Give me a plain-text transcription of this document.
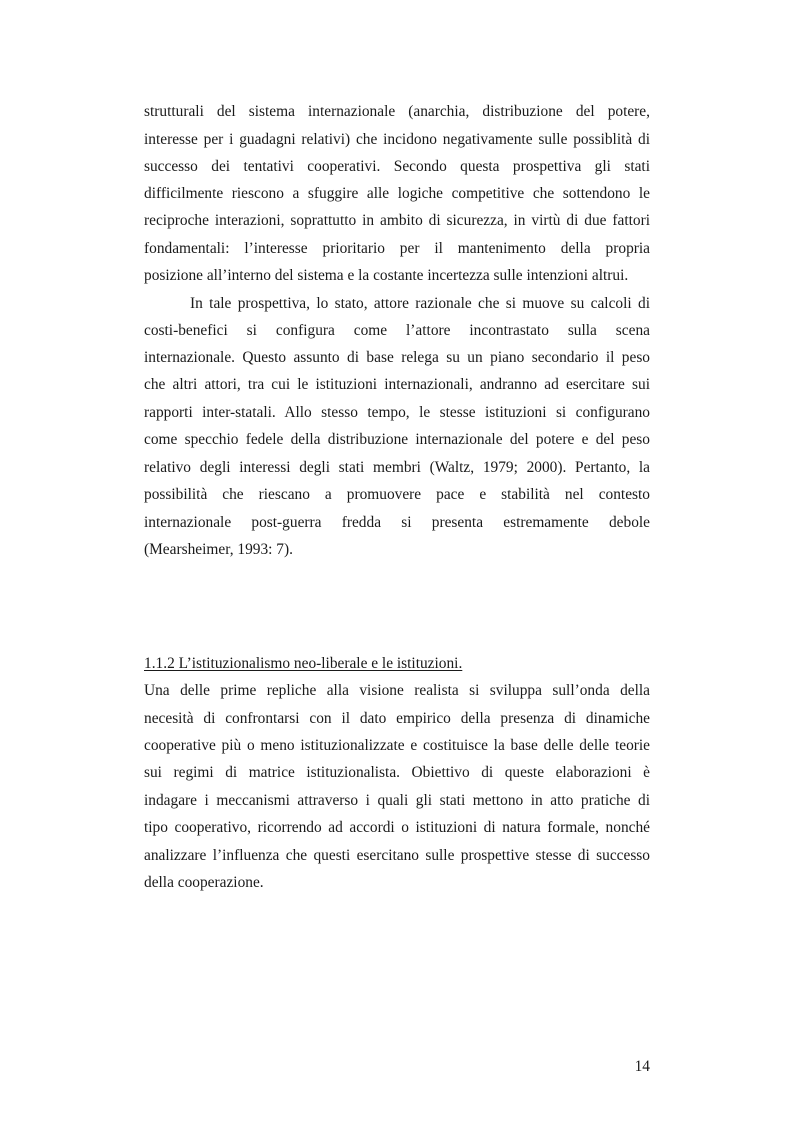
strutturali del sistema internazionale (anarchia, distribuzione del potere,
interesse per i guadagni relativi) che incidono negativamente sulle possiblità di
successo dei tentativi cooperativi. Secondo questa prospettiva gli stati
difficilmente riescono a sfuggire alle logiche competitive che sottendono le
reciproche interazioni, soprattutto in ambito di sicurezza, in virtù di due fattori
fondamentali: l’interesse prioritario per il mantenimento della propria
posizione all’interno del sistema e la costante incertezza sulle intenzioni altrui.
In tale prospettiva, lo stato, attore razionale che si muove su calcoli di
costi-benefici si configura come l’attore incontrastato sulla scena
internazionale. Questo assunto di base relega su un piano secondario il peso
che altri attori, tra cui le istituzioni internazionali, andranno ad esercitare sui
rapporti inter-statali. Allo stesso tempo, le stesse istituzioni si configurano
come specchio fedele della distribuzione internazionale del potere e del peso
relativo degli interessi degli stati membri (Waltz, 1979; 2000). Pertanto, la
possibilità che riescano a promuovere pace e stabilità nel contesto
internazionale post-guerra fredda si presenta estremamente debole
(Mearsheimer, 1993: 7).
1.1.2 L’istituzionalismo neo-liberale e le istituzioni.
Una delle prime repliche alla visione realista si sviluppa sull’onda della
necesità di confrontarsi con il dato empirico della presenza di dinamiche
cooperative più o meno istituzionalizzate e costituisce la base delle delle teorie
sui regimi di matrice istituzionalista. Obiettivo di queste elaborazioni è
indagare i meccanismi attraverso i quali gli stati mettono in atto pratiche di
tipo cooperativo, ricorrendo ad accordi o istituzioni di natura formale, nonché
analizzare l’influenza che questi esercitano sulle prospettive stesse di successo
della cooperazione.
14
